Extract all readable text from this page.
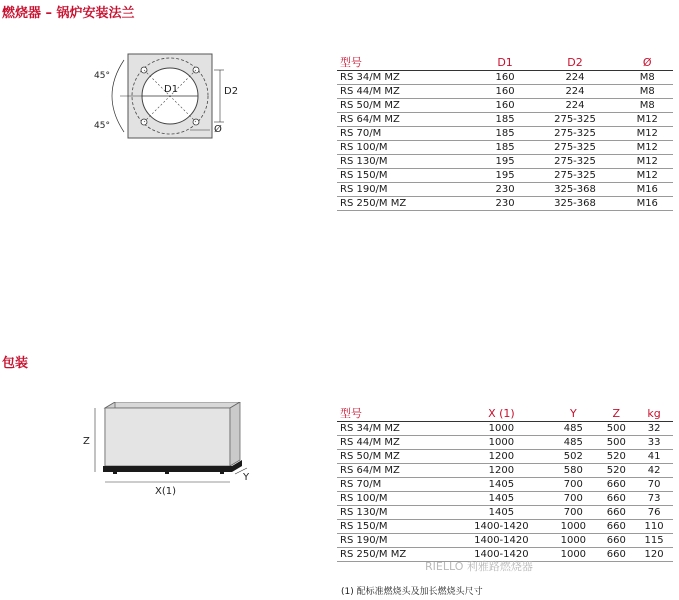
燃烧器 – 锅炉安装法兰
45°
45°
D1	D2
Ø
型号	D1	D2	Ø
RS 34/M MZ	160	224	M8
RS 44/M MZ	160	224	M8
RS 50/M MZ	160	224	M8
RS 64/M MZ	185	275-325	M12
RS 70/M	185	275-325	M12
RS 100/M	185	275-325	M12
RS 130/M	195	275-325	M12
RS 150/M	195	275-325	M12
RS 190/M	230	325-368	M16
RS 250/M MZ	230	325-368	M16
包装
Z
Y
X(1)
型号	X (1)	Y	Z	kg
RS 34/M MZ	1000	485	500	32
RS 44/M MZ	1000	485	500	33
RS 50/M MZ	1200	502	520	41
RS 64/M MZ	1200	580	520	42
RS 70/M	1405	700	660	70
RS 100/M	1405	700	660	73
RS 130/M	1405	700	660	76
RS 150/M	1400-1420	1000	660	110
RS 190/M	1400-1420	1000	660	115
RS 250/M MZ	1400-1420	1000	660	120
RIELLO 利雅路燃烧器
(1) 配标准燃烧头及加长燃烧头尺寸
